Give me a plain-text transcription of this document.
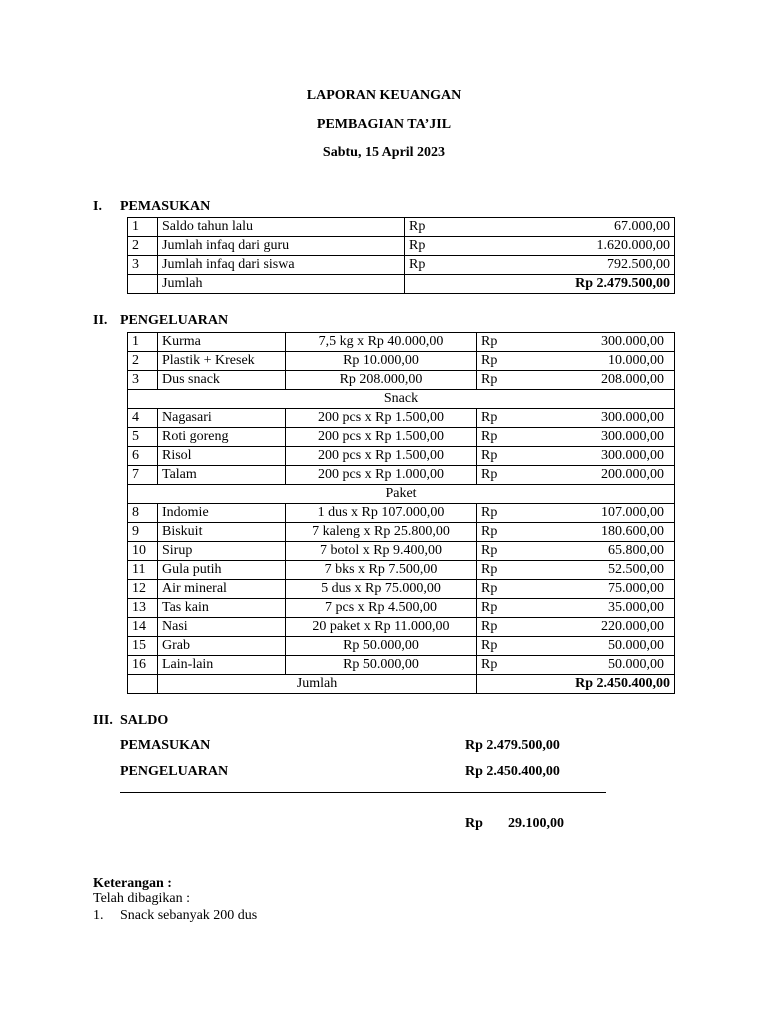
LAPORAN KEUANGAN
PEMBAGIAN TA’JIL
Sabtu, 15 April 2023
I. PEMASUKAN
1	Saldo tahun lalu	Rp 67.000,00

2	Jumlah infaq dari guru	Rp 1.620.000,00

3	Jumlah infaq dari siswa	Rp 792.500,00

	Jumlah	Rp 2.479.500,00
II. PENGELUARAN
1	Kurma	7,5 kg x Rp 40.000,00	Rp 300.000,00

2	Plastik + Kresek	Rp 10.000,00	Rp 10.000,00

3	Dus snack	Rp 208.000,00	Rp 208.000,00

Snack			
4	Nagasari	200 pcs x Rp 1.500,00	Rp 300.000,00

5	Roti goreng	200 pcs x Rp 1.500,00	Rp 300.000,00

6	Risol	200 pcs x Rp 1.500,00	Rp 300.000,00

7	Talam	200 pcs x Rp 1.000,00	Rp 200.000,00

Paket			
8	Indomie	1 dus x Rp 107.000,00	Rp 107.000,00

9	Biskuit	7 kaleng x Rp 25.800,00	Rp 180.600,00

10	Sirup	7 botol x Rp 9.400,00	Rp 65.800,00

11	Gula putih	7 bks x Rp 7.500,00	Rp 52.500,00

12	Air mineral	5 dus x Rp 75.000,00	Rp 75.000,00

13	Tas kain	7 pcs x Rp 4.500,00	Rp 35.000,00

14	Nasi	20 paket x Rp 11.000,00	Rp 220.000,00

15	Grab	Rp 50.000,00	Rp 50.000,00

16	Lain-lain	Rp 50.000,00	Rp 50.000,00

	Jumlah		Rp 2.450.400,00
III. SALDO
PEMASUKAN	Rp 2.479.500,00
PENGELUARAN	Rp 2.450.400,00
Rp 29.100,00
Keterangan :
Telah dibagikan :
1. Snack sebanyak 200 dus
